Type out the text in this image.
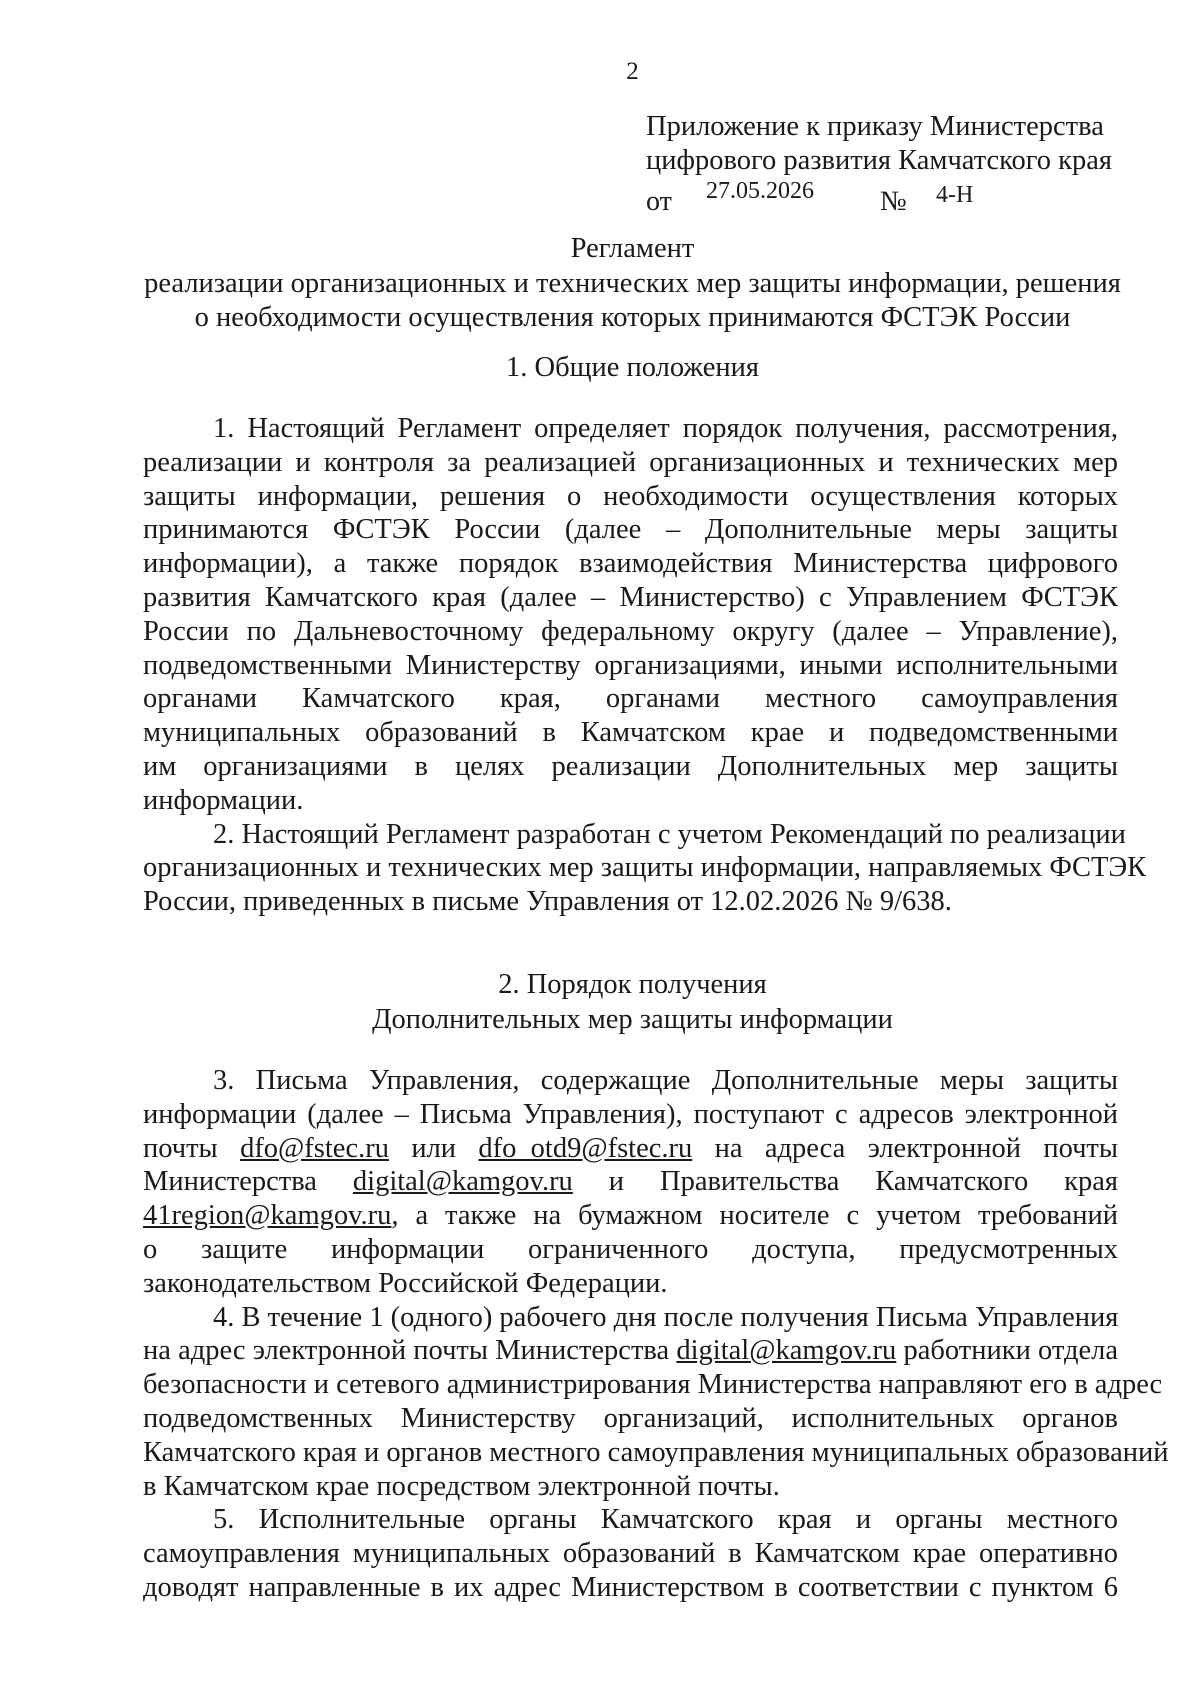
2
Приложение к приказу Министерства
цифрового развития Камчатского края
от 27.05.2026 № 4-Н
Регламент
реализации организационных и технических мер защиты информации, решения
о необходимости осуществления которых принимаются ФСТЭК России
1. Общие положения
1. Настоящий Регламент определяет порядок получения, рассмотрения,
реализации и контроля за реализацией организационных и технических мер
защиты информации, решения о необходимости осуществления которых
принимаются ФСТЭК России (далее – Дополнительные меры защиты
информации), а также порядок взаимодействия Министерства цифрового
развития Камчатского края (далее – Министерство) с Управлением ФСТЭК
России по Дальневосточному федеральному округу (далее – Управление),
подведомственными Министерству организациями, иными исполнительными
органами Камчатского края, органами местного самоуправления
муниципальных образований в Камчатском крае и подведомственными
им организациями в целях реализации Дополнительных мер защиты
информации.
2. Настоящий Регламент разработан с учетом Рекомендаций по реализации
организационных и технических мер защиты информации, направляемых ФСТЭК
России, приведенных в письме Управления от 12.02.2026 № 9/638.
2. Порядок получения
Дополнительных мер защиты информации
3. Письма Управления, содержащие Дополнительные меры защиты
информации (далее – Письма Управления), поступают с адресов электронной
почты dfo@fstec.ru или dfo_otd9@fstec.ru на адреса электронной почты
Министерства digital@kamgov.ru и Правительства Камчатского края
41region@kamgov.ru, а также на бумажном носителе с учетом требований
о защите информации ограниченного доступа, предусмотренных
законодательством Российской Федерации.
4. В течение 1 (одного) рабочего дня после получения Письма Управления
на адрес электронной почты Министерства digital@kamgov.ru работники отдела
безопасности и сетевого администрирования Министерства направляют его в адрес
подведомственных Министерству организаций, исполнительных органов
Камчатского края и органов местного самоуправления муниципальных образований
в Камчатском крае посредством электронной почты.
5. Исполнительные органы Камчатского края и органы местного
самоуправления муниципальных образований в Камчатском крае оперативно
доводят направленные в их адрес Министерством в соответствии с пунктом 6
